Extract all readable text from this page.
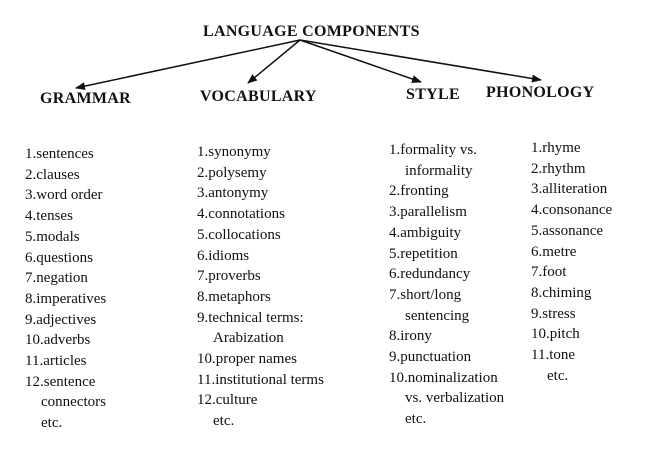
LANGUAGE COMPONENTS
GRAMMAR	VOCABULARY	STYLE PHONOLOGY
1.sentences
2.clauses
3.word order
4.tenses
5.modals
6.questions
7.negation
8.imperatives
9.adjectives
10.adverbs
11.articles
12.sentence
connectors
etc.
1.synonymy
2.polysemy
3.antonymy
4.connotations
5.collocations
6.idioms
7.proverbs
8.metaphors
9.technical terms:
Arabization
10.proper names
11.institutional terms
12.culture
etc.
1.formality vs.
informality
2.fronting
3.parallelism
4.ambiguity
5.repetition
6.redundancy
7.short/long
sentencing
8.irony
9.punctuation
10.nominalization
vs. verbalization
etc.
1.rhyme
2.rhythm
3.alliteration
4.consonance
5.assonance
6.metre
7.foot
8.chiming
9.stress
10.pitch
11.tone
etc.
